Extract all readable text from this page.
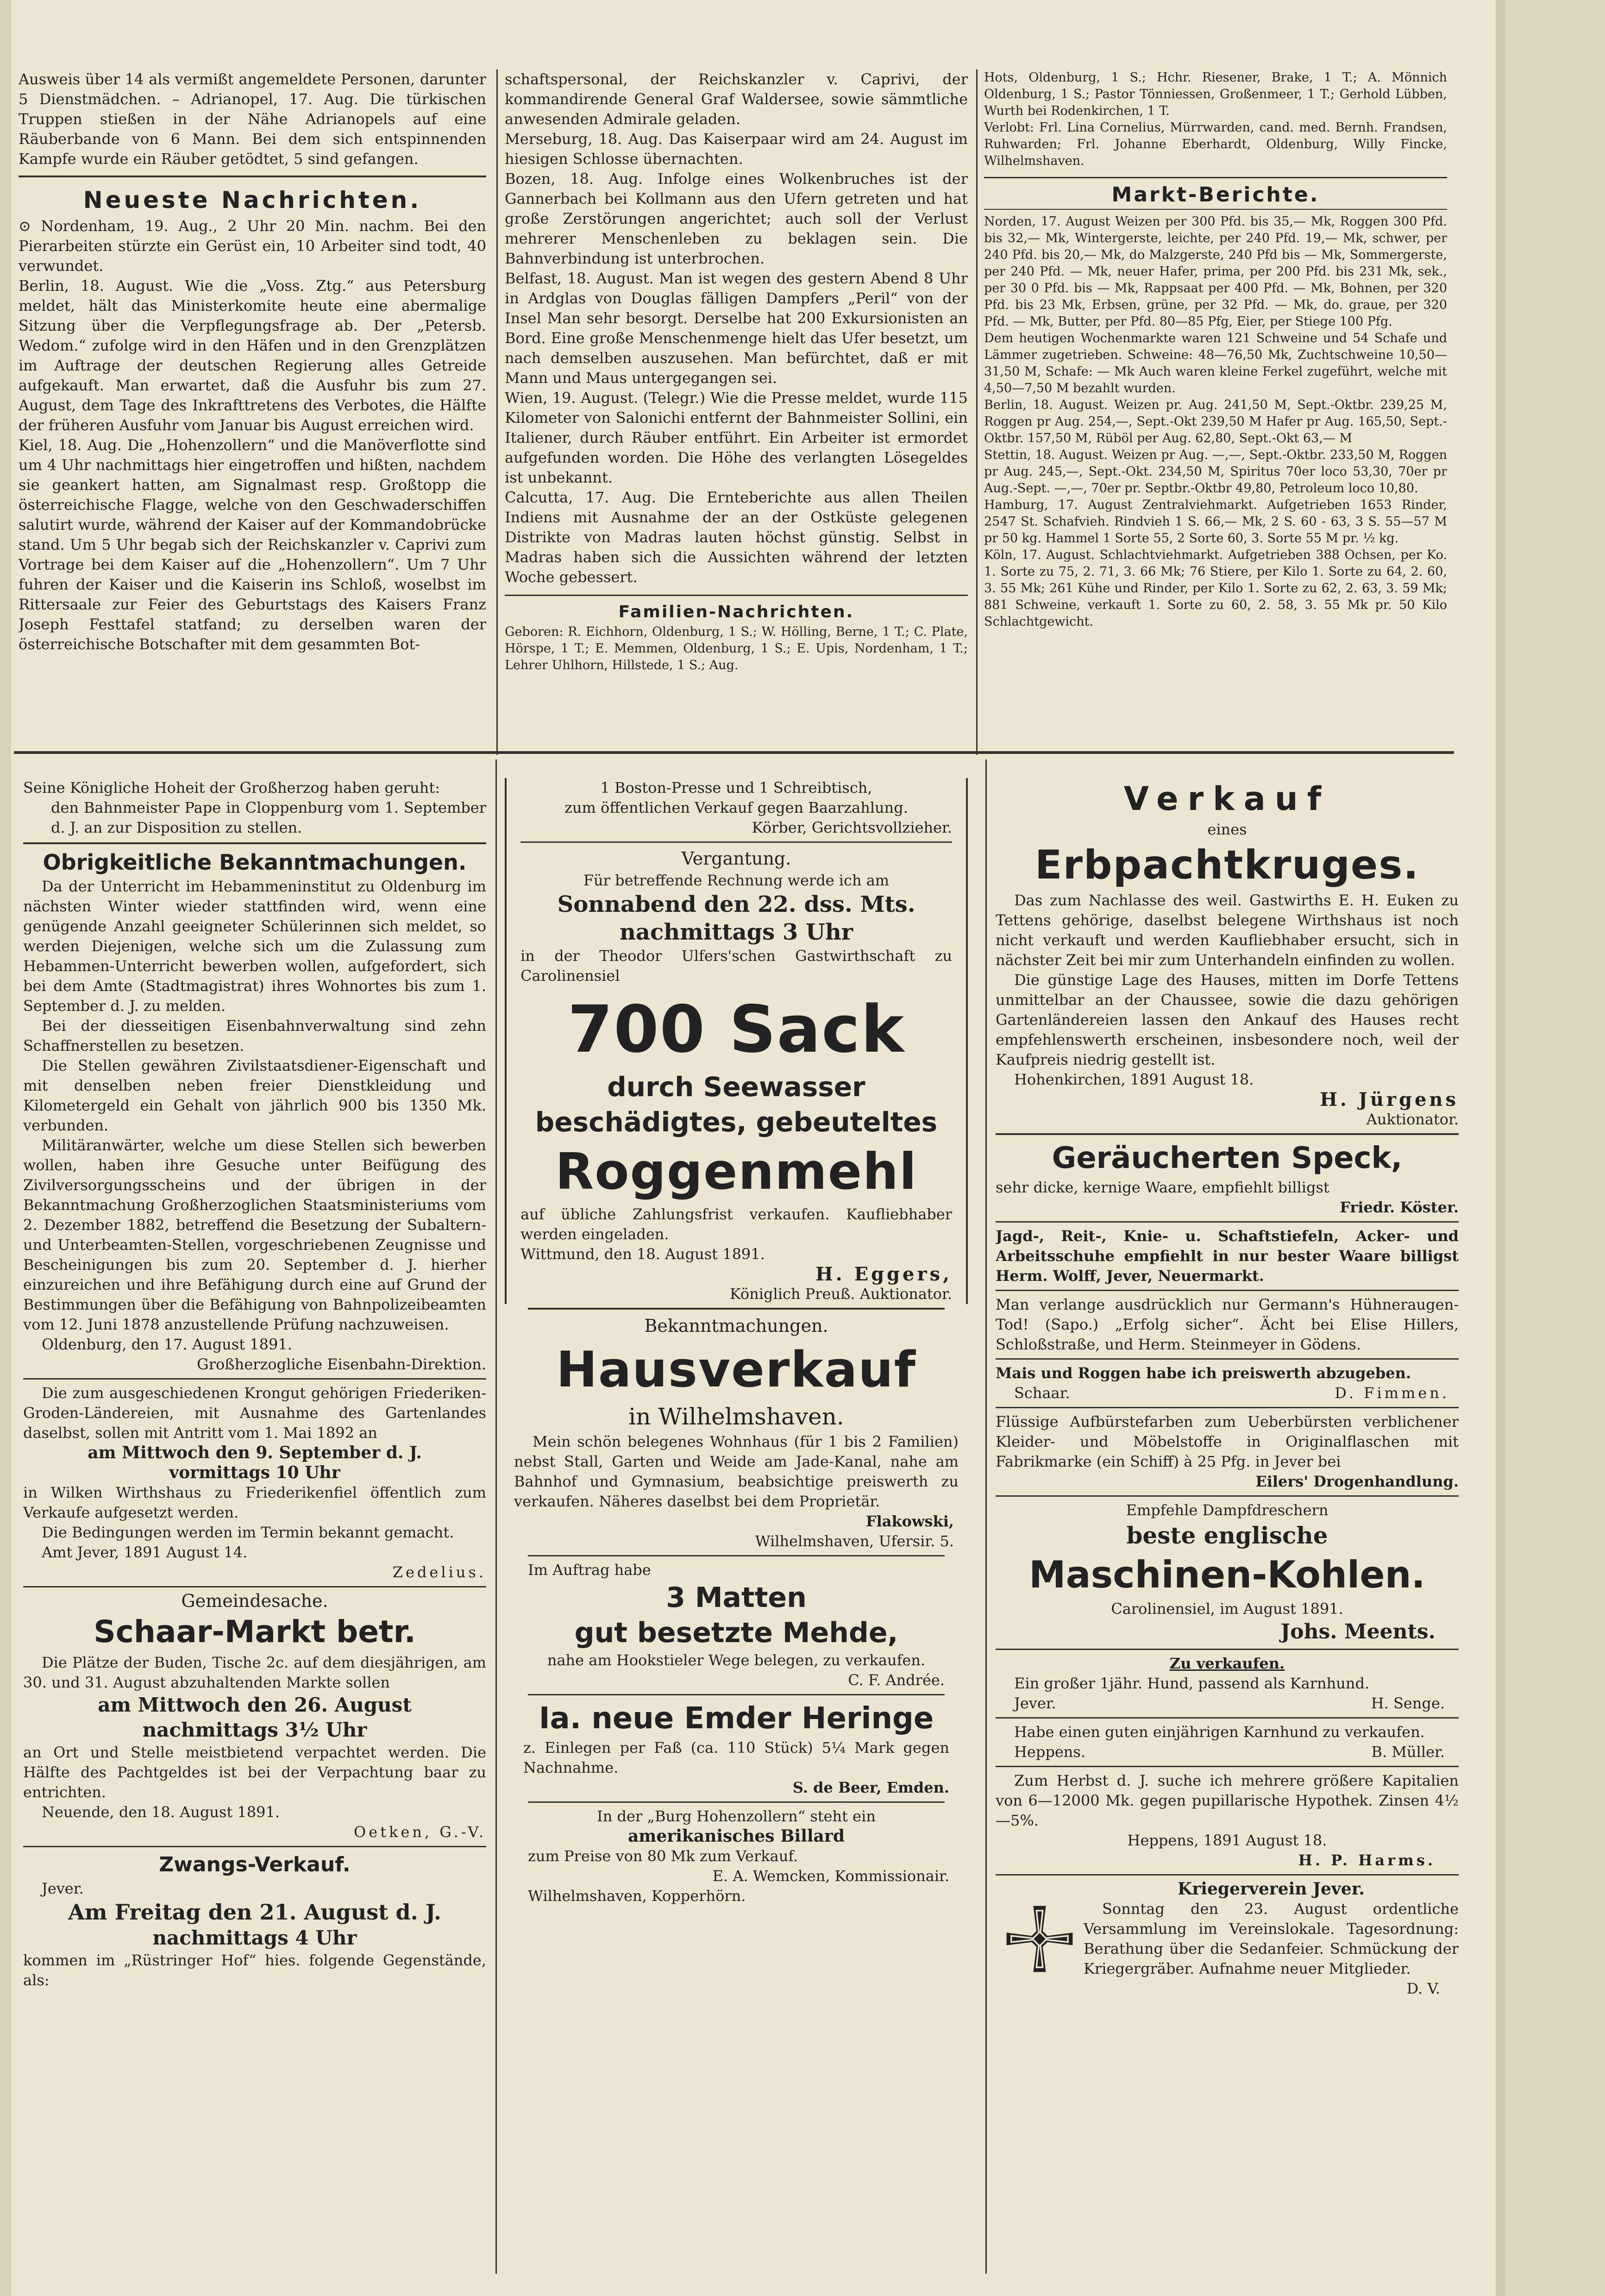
Ausweis über 14 als vermißt angemeldete Personen, darunter 5 Dienstmädchen. – Adrianopel, 17. Aug. Die türkischen Truppen stießen in der Nähe Adrianopels auf eine Räuberbande von 6 Mann. Bei dem sich entspinnenden Kampfe wurde ein Räuber getödtet, 5 sind gefangen.

Neueste Nachrichten.

⊙ Nordenham, 19. Aug., 2 Uhr 20 Min. nachm. Bei den Pierarbeiten stürzte ein Gerüst ein, 10 Arbeiter sind todt, 40 verwundet.

Berlin, 18. August. Wie die „Voss. Ztg.“ aus Petersburg meldet, hält das Ministerkomite heute eine abermalige Sitzung über die Verpflegungsfrage ab. Der „Petersb. Wedom.“ zufolge wird in den Häfen und in den Grenzplätzen im Auftrage der deutschen Regierung alles Getreide aufgekauft. Man erwartet, daß die Ausfuhr bis zum 27. August, dem Tage des Inkrafttretens des Verbotes, die Hälfte der früheren Ausfuhr vom Januar bis August erreichen wird.

Kiel, 18. Aug. Die „Hohenzollern“ und die Manöverflotte sind um 4 Uhr nachmittags hier eingetroffen und hißten, nachdem sie geankert hatten, am Signalmast resp. Großtopp die österreichische Flagge, welche von den Geschwaderschiffen salutirt wurde, während der Kaiser auf der Kommandobrücke stand. Um 5 Uhr begab sich der Reichskanzler v. Caprivi zum Vortrage bei dem Kaiser auf die „Hohenzollern“. Um 7 Uhr fuhren der Kaiser und die Kaiserin ins Schloß, woselbst im Rittersaale zur Feier des Geburtstags des Kaisers Franz Joseph Festtafel statfand; zu derselben waren der österreichische Botschafter mit dem gesammten Bot-

schaftspersonal, der Reichskanzler v. Caprivi, der kommandirende General Graf Waldersee, sowie sämmtliche anwesenden Admirale geladen.

Merseburg, 18. Aug. Das Kaiserpaar wird am 24. August im hiesigen Schlosse übernachten.

Bozen, 18. Aug. Infolge eines Wolkenbruches ist der Gannerbach bei Kollmann aus den Ufern getreten und hat große Zerstörungen angerichtet; auch soll der Verlust mehrerer Menschenleben zu beklagen sein. Die Bahnverbindung ist unterbrochen.

Belfast, 18. August. Man ist wegen des gestern Abend 8 Uhr in Ardglas von Douglas fälligen Dampfers „Peril“ von der Insel Man sehr besorgt. Derselbe hat 200 Exkursionisten an Bord. Eine große Menschenmenge hielt das Ufer besetzt, um nach demselben auszusehen. Man befürchtet, daß er mit Mann und Maus untergegangen sei.

Wien, 19. August. (Telegr.) Wie die Presse meldet, wurde 115 Kilometer von Salonichi entfernt der Bahnmeister Sollini, ein Italiener, durch Räuber entführt. Ein Arbeiter ist ermordet aufgefunden worden. Die Höhe des verlangten Lösegeldes ist unbekannt.

Calcutta, 17. Aug. Die Ernteberichte aus allen Theilen Indiens mit Ausnahme der an der Ostküste gelegenen Distrikte von Madras lauten höchst günstig. Selbst in Madras haben sich die Aussichten während der letzten Woche gebessert.

Familien-Nachrichten.

Geboren: R. Eichhorn, Oldenburg, 1 S.; W. Hölling, Berne, 1 T.; C. Plate, Hörspe, 1 T.; E. Memmen, Oldenburg, 1 S.; E. Upis, Nordenham, 1 T.; Lehrer Uhlhorn, Hillstede, 1 S.; Aug.

Hots, Oldenburg, 1 S.; Hchr. Riesener, Brake, 1 T.; A. Mönnich Oldenburg, 1 S.; Pastor Tönniessen, Großenmeer, 1 T.; Gerhold Lübben, Wurth bei Rodenkirchen, 1 T.

Verlobt: Frl. Lina Cornelius, Mürrwarden, cand. med. Bernh. Frandsen, Ruhwarden; Frl. Johanne Eberhardt, Oldenburg, Willy Fincke, Wilhelmshaven.

Markt-Berichte.

Norden, 17. August Weizen per 300 Pfd. bis 35,— Mk, Roggen 300 Pfd. bis 32,— Mk, Wintergerste, leichte, per 240 Pfd. 19,— Mk, schwer, per 240 Pfd. bis 20,— Mk, do Malzgerste, 240 Pfd bis — Mk, Sommergerste, per 240 Pfd. — Mk, neuer Hafer, prima, per 200 Pfd. bis 231 Mk, sek., per 30 0 Pfd. bis — Mk, Rappsaat per 400 Pfd. — Mk, Bohnen, per 320 Pfd. bis 23 Mk, Erbsen, grüne, per 32 Pfd. — Mk, do. graue, per 320 Pfd. — Mk, Butter, per Pfd. 80—85 Pfg, Eier, per Stiege 100 Pfg.

Dem heutigen Wochenmarkte waren 121 Schweine und 54 Schafe und Lämmer zugetrieben. Schweine: 48—76,50 Mk, Zuchtschweine 10,50—31,50 M, Schafe: — Mk Auch waren kleine Ferkel zugeführt, welche mit 4,50—7,50 M bezahlt wurden.

Berlin, 18. August. Weizen pr. Aug. 241,50 M, Sept.-Oktbr. 239,25 M, Roggen pr Aug. 254,—, Sept.-Okt 239,50 M Hafer pr Aug. 165,50, Sept.-Oktbr. 157,50 M, Rüböl per Aug. 62,80, Sept.-Okt 63,— M

Stettin, 18. August. Weizen pr Aug. —,—, Sept.-Oktbr. 233,50 M, Roggen pr Aug. 245,—, Sept.-Okt. 234,50 M, Spiritus 70er loco 53,30, 70er pr Aug.-Sept. —,—, 70er pr. Septbr.-Oktbr 49,80, Petroleum loco 10,80.

Hamburg, 17. August Zentralviehmarkt. Aufgetrieben 1653 Rinder, 2547 St. Schafvieh. Rindvieh 1 S. 66,— Mk, 2 S. 60 - 63, 3 S. 55—57 M pr 50 kg. Hammel 1 Sorte 55, 2 Sorte 60, 3. Sorte 55 M pr. ½ kg.

Köln, 17. August. Schlachtviehmarkt. Aufgetrieben 388 Ochsen, per Ko. 1. Sorte zu 75, 2. 71, 3. 66 Mk; 76 Stiere, per Kilo 1. Sorte zu 64, 2. 60, 3. 55 Mk; 261 Kühe und Rinder, per Kilo 1. Sorte zu 62, 2. 63, 3. 59 Mk; 881 Schweine, verkauft 1. Sorte zu 60, 2. 58, 3. 55 Mk pr. 50 Kilo Schlachtgewicht.

Seine Königliche Hoheit der Großherzog haben geruht:

den Bahnmeister Pape in Cloppenburg vom 1. September d. J. an zur Disposition zu stellen.

Obrigkeitliche Bekanntmachungen.

Da der Unterricht im Hebammeninstitut zu Oldenburg im nächsten Winter wieder stattfinden wird, wenn eine genügende Anzahl geeigneter Schülerinnen sich meldet, so werden Diejenigen, welche sich um die Zulassung zum Hebammen-Unterricht bewerben wollen, aufgefordert, sich bei dem Amte (Stadtmagistrat) ihres Wohnortes bis zum 1. September d. J. zu melden.

Bei der diesseitigen Eisenbahnverwaltung sind zehn Schaffnerstellen zu besetzen.

Die Stellen gewähren Zivilstaatsdiener-Eigenschaft und mit denselben neben freier Dienstkleidung und Kilometergeld ein Gehalt von jährlich 900 bis 1350 Mk. verbunden.

Militäranwärter, welche um diese Stellen sich bewerben wollen, haben ihre Gesuche unter Beifügung des Zivilversorgungsscheins und der übrigen in der Bekanntmachung Großherzoglichen Staatsministeriums vom 2. Dezember 1882, betreffend die Besetzung der Subaltern- und Unterbeamten-Stellen, vorgeschriebenen Zeugnisse und Bescheinigungen bis zum 20. September d. J. hierher einzureichen und ihre Befähigung durch eine auf Grund der Bestimmungen über die Befähigung von Bahnpolizeibeamten vom 12. Juni 1878 anzustellende Prüfung nachzuweisen.

Oldenburg, den 17. August 1891.

Großherzogliche Eisenbahn-Direktion.

Die zum ausgeschiedenen Krongut gehörigen Friederiken-Groden-Ländereien, mit Ausnahme des Gartenlandes daselbst, sollen mit Antritt vom 1. Mai 1892 an

am Mittwoch den 9. September d. J.

vormittags 10 Uhr

in Wilken Wirthshaus zu Friederikenfiel öffentlich zum Verkaufe aufgesetzt werden.

Die Bedingungen werden im Termin bekannt gemacht.

Amt Jever, 1891 August 14.

Zedelius.

Gemeindesache.

Schaar-Markt betr.

Die Plätze der Buden, Tische 2c. auf dem diesjährigen, am 30. und 31. August abzuhaltenden Markte sollen

am Mittwoch den 26. August

nachmittags 3½ Uhr

an Ort und Stelle meistbietend verpachtet werden. Die Hälfte des Pachtgeldes ist bei der Verpachtung baar zu entrichten.

Neuende, den 18. August 1891.

Oetken, G.-V.

Zwangs-Verkauf.

Jever.

Am Freitag den 21. August d. J.

nachmittags 4 Uhr

kommen im „Rüstringer Hof“ hies. folgende Gegenstände, als:

1 Boston-Presse und 1 Schreibtisch,

zum öffentlichen Verkauf gegen Baarzahlung.

Körber, Gerichtsvollzieher.

Vergantung.

Für betreffende Rechnung werde ich am

Sonnabend den 22. dss. Mts.

nachmittags 3 Uhr

in der Theodor Ulfers'schen Gastwirthschaft zu Carolinensiel

700 Sack

durch Seewasser beschädigtes, gebeuteltes

Roggenmehl

auf übliche Zahlungsfrist verkaufen. Kaufliebhaber werden eingeladen.

Wittmund, den 18. August 1891.

H. Eggers,

Königlich Preuß. Auktionator.

Bekanntmachungen.

Hausverkauf

in Wilhelmshaven.

Mein schön belegenes Wohnhaus (für 1 bis 2 Familien) nebst Stall, Garten und Weide am Jade-Kanal, nahe am Bahnhof und Gymnasium, beabsichtige preiswerth zu verkaufen. Näheres daselbst bei dem Proprietär.

Flakowski,

Wilhelmshaven, Ufersir. 5.

Im Auftrag habe

3 Matten

gut besetzte Mehde,

nahe am Hookstieler Wege belegen, zu verkaufen.

C. F. Andrée.

Ia. neue Emder Heringe

z. Einlegen per Faß (ca. 110 Stück) 5¼ Mark gegen Nachnahme.

S. de Beer, Emden.

In der „Burg Hohenzollern“ steht ein

amerikanisches Billard

zum Preise von 80 Mk zum Verkauf.

E. A. Wemcken, Kommissionair.

Wilhelmshaven, Kopperhörn.

Verkauf

eines

Erbpachtkruges.

Das zum Nachlasse des weil. Gastwirths E. H. Euken zu Tettens gehörige, daselbst belegene Wirthshaus ist noch nicht verkauft und werden Kaufliebhaber ersucht, sich in nächster Zeit bei mir zum Unterhandeln einfinden zu wollen.

Die günstige Lage des Hauses, mitten im Dorfe Tettens unmittelbar an der Chaussee, sowie die dazu gehörigen Gartenländereien lassen den Ankauf des Hauses recht empfehlenswerth erscheinen, insbesondere noch, weil der Kaufpreis niedrig gestellt ist.

Hohenkirchen, 1891 August 18.

H. Jürgens

Auktionator.

Geräucherten Speck,

sehr dicke, kernige Waare, empfiehlt billigst

Friedr. Köster.

Jagd-, Reit-, Knie- u. Schaftstiefeln, Acker- und Arbeitsschuhe empfiehlt in nur bester Waare billigst Herm. Wolff, Jever, Neuermarkt.

Man verlange ausdrücklich nur Germann's Hühneraugen-Tod! (Sapo.) „Erfolg sicher“. Ächt bei Elise Hillers, Schloßstraße, und Herm. Steinmeyer in Gödens.

Mais und Roggen habe ich preiswerth abzugeben.

Schaar.	D. Fimmen.

Flüssige Aufbürstefarben zum Ueberbürsten verblichener Kleider- und Möbelstoffe in Originalflaschen mit Fabrikmarke (ein Schiff) à 25 Pfg. in Jever bei

Eilers' Drogenhandlung.

Empfehle Dampfdreschern

beste englische

Maschinen-Kohlen.

Carolinensiel, im August 1891.

Johs. Meents.

Zu verkaufen.

Ein großer 1jähr. Hund, passend als Karnhund.

Jever.	H. Senge.

Habe einen guten einjährigen Karnhund zu verkaufen.

Heppens.	B. Müller.

Zum Herbst d. J. suche ich mehrere größere Kapitalien von 6—12000 Mk. gegen pupillarische Hypothek. Zinsen 4½—5%.

Heppens, 1891 August 18.

H. P. Harms.

Kriegerverein Jever.

Sonntag den 23. August ordentliche Versammlung im Vereinslokale. Tagesordnung: Berathung über die Sedanfeier. Schmückung der Kriegergräber. Aufnahme neuer Mitglieder.

D. V.
